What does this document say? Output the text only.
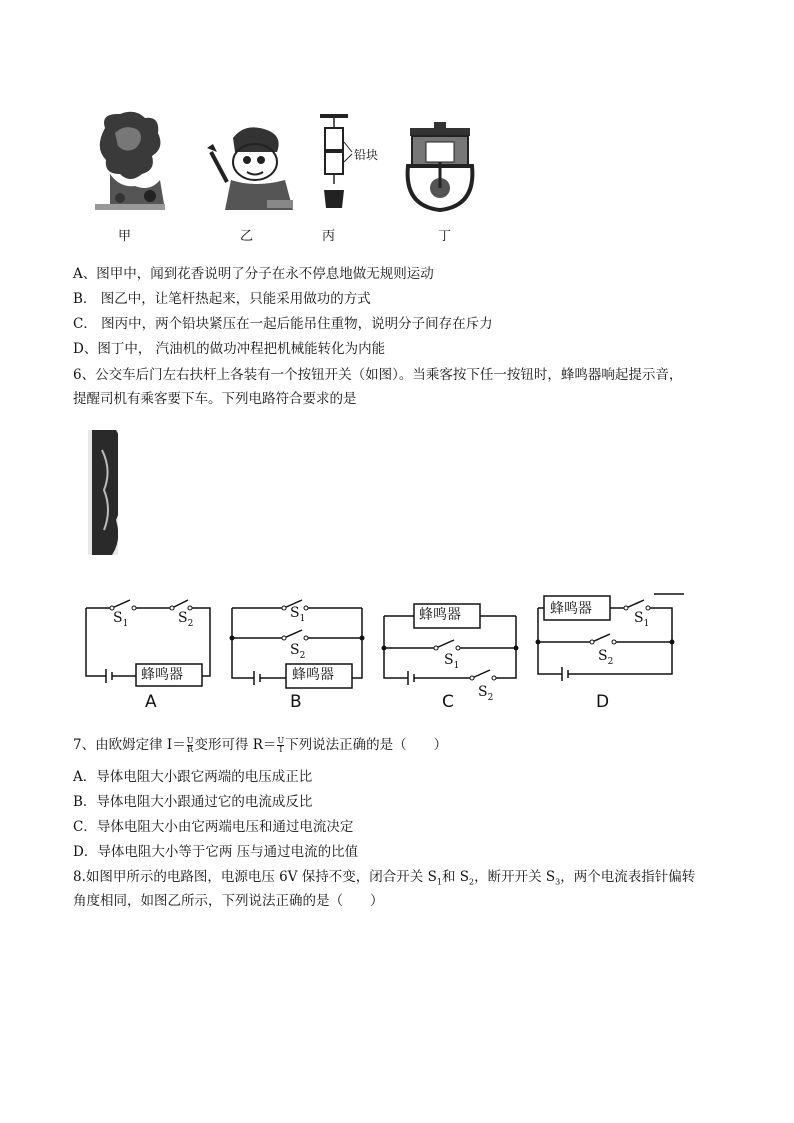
铅块
甲	乙	丙	丁
A、图甲中，闻到花香说明了分子在永不停息地做无规则运动
B． 图乙中，让笔杆热起来，只能采用做功的方式
C． 图丙中，两个铅块紧压在一起后能吊住重物，说明分子间存在斥力
D、图丁中， 汽油机的做功冲程把机械能转化为内能
6、公交车后门左右扶杆上各装有一个按钮开关（如图）。当乘客按下任一按钮时，蜂鸣器响起提示音，
提醒司机有乘客要下车。下列电路符合要求的是
蜂鸣器
$S_1$	$S_2$
A
蜂鸣器
$S_1$
$S_2$
B
蜂鸣器
$S_1$
$S_2$
C
蜂鸣器
$S_1$
$S_2$
D
7、由欧姆定律 $I= \frac{U}{R}$ 变形可得 $R= \frac{U}{I}$ 下列说法正确的是（　　）
A．导体电阻大小跟它两端的电压成正比
B．导体电阻大小跟通过它的电流成反比
C．导体电阻大小由它两端电压和通过电流决定
D．导体电阻大小等于它两 压与通过电流的比值
8.如图甲所示的电路图，电源电压 6V 保持不变，闭合开关 $S_1$和 $S_2$，断开开关 $S_3$，两个电流表指针偏转
角度相同，如图乙所示，下列说法正确的是（　　）
